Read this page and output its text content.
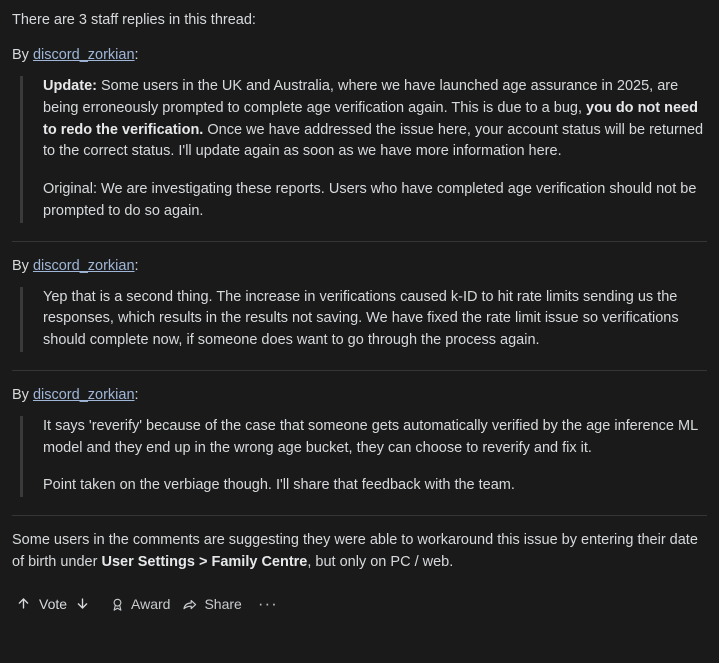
There are 3 staff replies in this thread:
By discord_zorkian:

Update: Some users in the UK and Australia, where we have launched age assurance in 2025, are being erroneously prompted to complete age verification again. This is due to a bug, you do not need to redo the verification. Once we have addressed the issue here, your account status will be returned to the correct status. I'll update again as soon as we have more information here.

Original: We are investigating these reports. Users who have completed age verification should not be prompted to do so again.

By discord_zorkian:

Yep that is a second thing. The increase in verifications caused k-ID to hit rate limits sending us the responses, which results in the results not saving. We have fixed the rate limit issue so verifications should complete now, if someone does want to go through the process again.

By discord_zorkian:

It says 'reverify' because of the case that someone gets automatically verified by the age inference ML model and they end up in the wrong age bucket, they can choose to reverify and fix it.

Point taken on the verbiage though. I'll share that feedback with the team.

Some users in the comments are suggesting they were able to workaround this issue by entering their date of birth under User Settings > Family Centre, but only on PC / web.
Vote	Award Share ···
